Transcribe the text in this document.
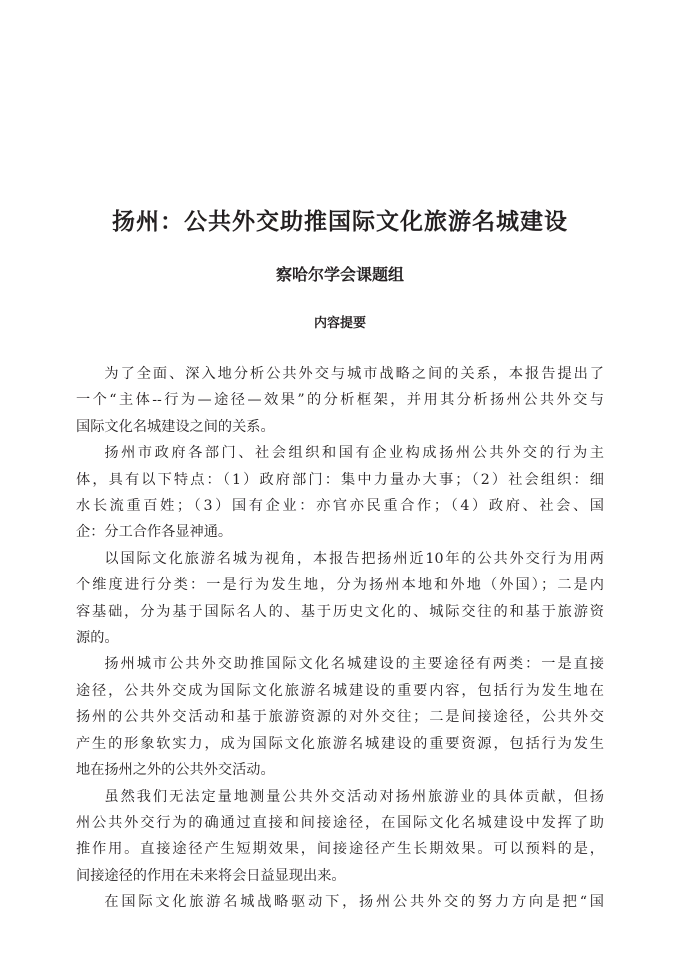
扬州：公共外交助推国际文化旅游名城建设
察哈尔学会课题组
内容提要

为了全面、深入地分析公共外交与城市战略之间的关系，本报告提出了
一个“主体--行为—途径—效果”的分析框架，并用其分析扬州公共外交与
国际文化名城建设之间的关系。

扬州市政府各部门、社会组织和国有企业构成扬州公共外交的行为主
体，具有以下特点：（1）政府部门：集中力量办大事；（2）社会组织：细
水长流重百姓；（3）国有企业：亦官亦民重合作；（4）政府、社会、国
企：分工合作各显神通。

以国际文化旅游名城为视角，本报告把扬州近10年的公共外交行为用两
个维度进行分类：一是行为发生地，分为扬州本地和外地（外国）；二是内
容基础，分为基于国际名人的、基于历史文化的、城际交往的和基于旅游资
源的。

扬州城市公共外交助推国际文化名城建设的主要途径有两类：一是直接
途径，公共外交成为国际文化旅游名城建设的重要内容，包括行为发生地在
扬州的公共外交活动和基于旅游资源的对外交往；二是间接途径，公共外交
产生的形象软实力，成为国际文化旅游名城建设的重要资源，包括行为发生
地在扬州之外的公共外交活动。

虽然我们无法定量地测量公共外交活动对扬州旅游业的具体贡献，但扬
州公共外交行为的确通过直接和间接途径，在国际文化名城建设中发挥了助
推作用。直接途径产生短期效果，间接途径产生长期效果。可以预料的是，
间接途径的作用在未来将会日益显现出来。

在国际文化旅游名城战略驱动下，扬州公共外交的努力方向是把“国
